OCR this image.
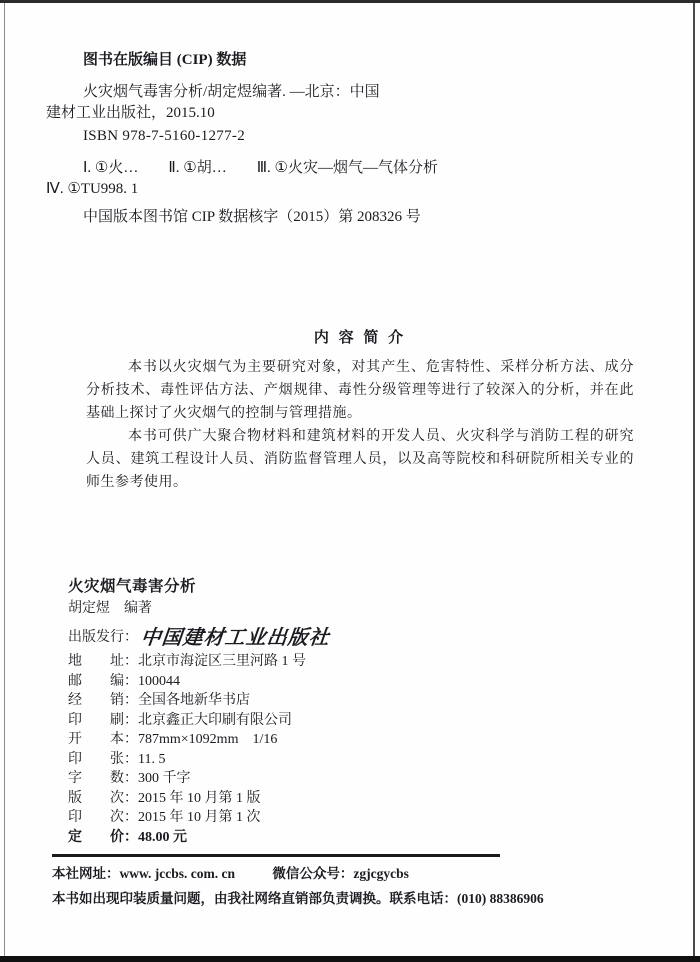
图书在版编目 (CIP) 数据
火灾烟气毒害分析/胡定煜编著. —北京：中国
建材工业出版社，2015.10
ISBN 978-7-5160-1277-2
Ⅰ. ①火…　　Ⅱ. ①胡…　　Ⅲ. ①火灾—烟气—气体分析
Ⅳ. ①TU998. 1
中国版本图书馆 CIP 数据核字（2015）第 208326 号
内 容 简 介

本书以火灾烟气为主要研究对象，对其产生、危害特性、采样分析方法、成分分析技术、毒性评估方法、产烟规律、毒性分级管理等进行了较深入的分析，并在此基础上探讨了火灾烟气的控制与管理措施。

本书可供广大聚合物材料和建筑材料的开发人员、火灾科学与消防工程的研究人员、建筑工程设计人员、消防监督管理人员，以及高等院校和科研院所相关专业的师生参考使用。

火灾烟气毒害分析
胡定煜　编著
出版发行： 中国建材工业出版社
地　　址：北京市海淀区三里河路 1 号
邮　　编：100044
经　　销：全国各地新华书店
印　　刷：北京鑫正大印刷有限公司
开　　本：787mm×1092mm　1/16
印　　张：11. 5
字　　数：300 千字
版　　次：2015 年 10 月第 1 版
印　　次：2015 年 10 月第 1 次
定　　价：48.00 元
本社网址：www. jccbs. com. cn	微信公众号：zgjcgycbs
本书如出现印装质量问题，由我社网络直销部负责调换。联系电话：(010) 88386906
